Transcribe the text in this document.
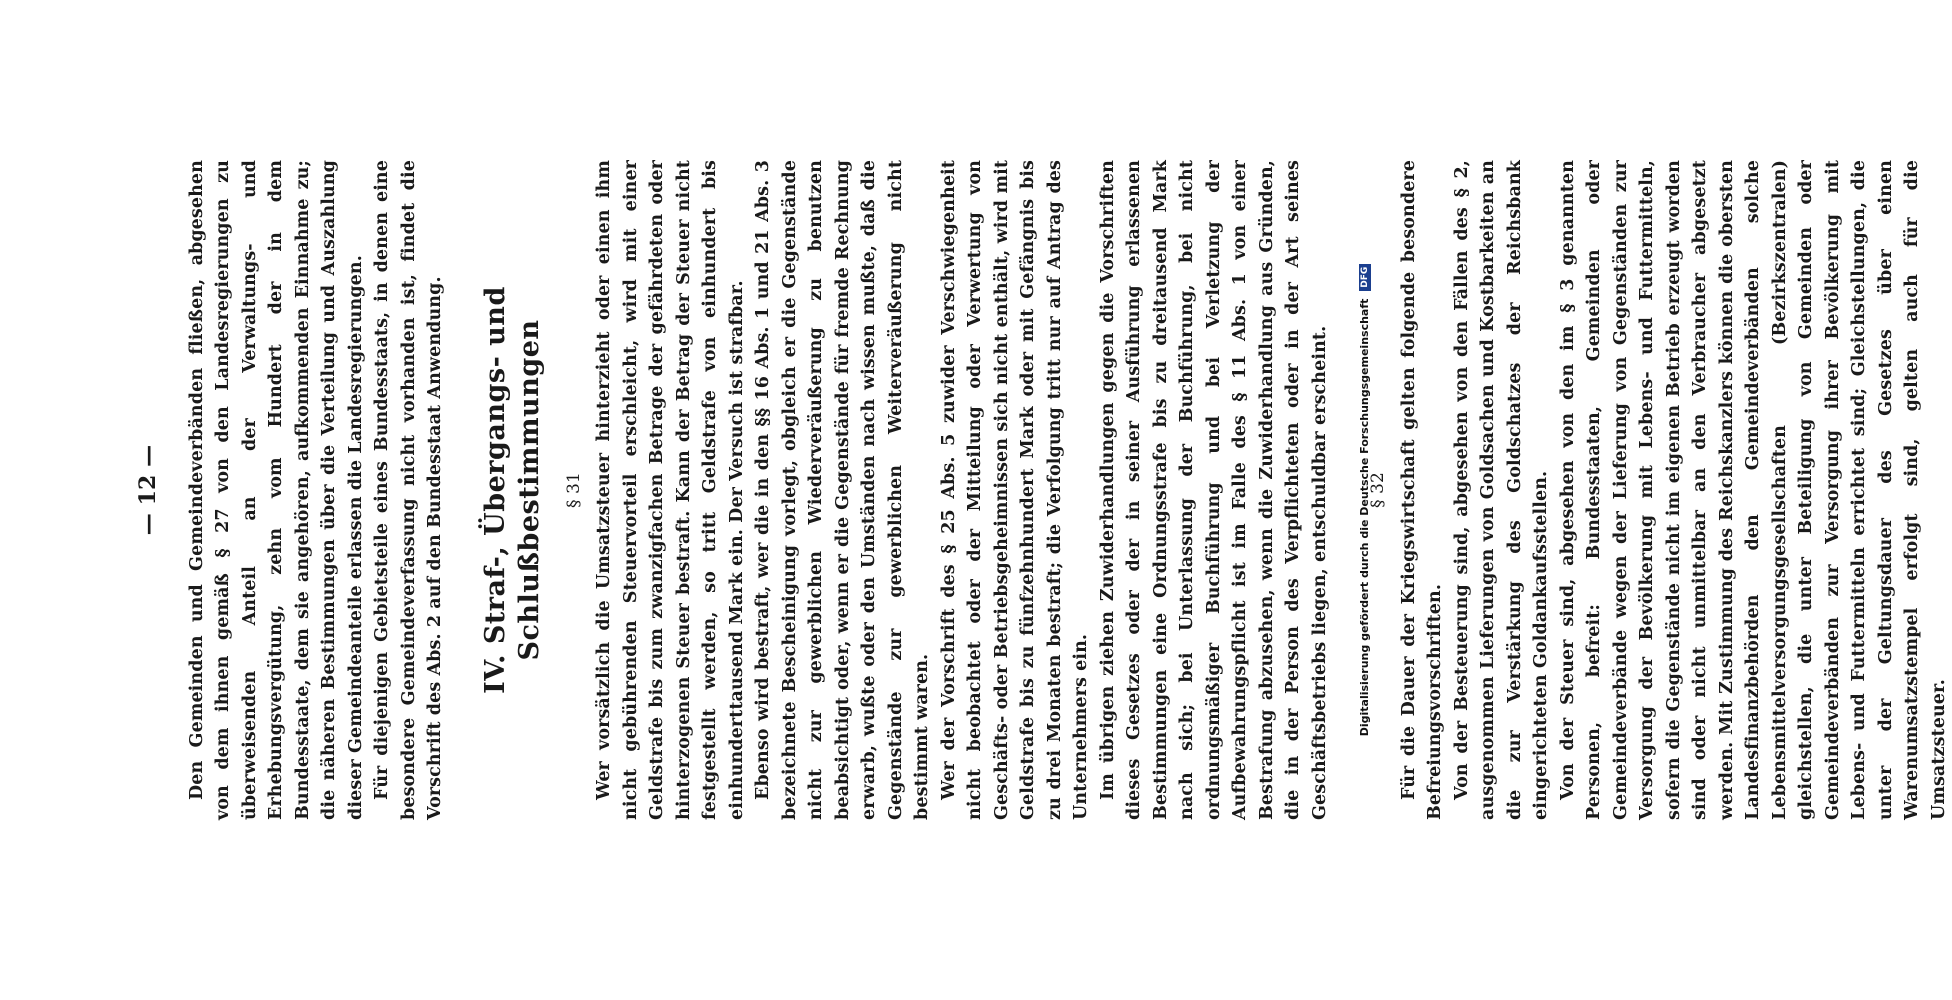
— 12 — Den Gemeinden und Gemeindeverbänden fließen, abgesehen von dem ihnen gemäß § 27 von den Landesregierungen zu überweisenden Anteil an der Verwaltungs- und Erhebungsvergütung, zehn vom Hundert der in dem Bundesstaate, dem sie angehören, aufkommenden Einnahme zu; die näheren Bestimmungen über die Verteilung und Auszahlung dieser Gemeindeanteile erlassen die Landesregierungen. Für diejenigen Gebietsteile eines Bundesstaats, in denen eine besondere Gemeindeverfassung nicht vorhanden ist, findet die Vorschrift des Abs. 2 auf den Bundesstaat Anwendung. IV. Straf-, Übergangs- und Schlußbestimmungen § 31 Wer vorsätzlich die Umsatzsteuer hinterzieht oder einen ihm nicht gebührenden Steuervorteil erschleicht, wird mit einer Geldstrafe bis zum zwanzigfachen Betrage der gefährdeten oder hinterzogenen Steuer bestraft. Kann der Betrag der Steuer nicht festgestellt werden, so tritt Geldstrafe von einhundert bis einhunderttausend Mark ein. Der Versuch ist strafbar. Ebenso wird bestraft, wer die in den §§ 16 Abs. 1 und 21 Abs. 3 bezeichnete Bescheinigung vorlegt, obgleich er die Gegenstände nicht zur gewerblichen Wiederveräußerung zu benutzen beabsichtigt oder, wenn er die Gegenstände für fremde Rechnung erwarb, wußte oder den Umständen nach wissen mußte, daß die Gegenstände zur gewerblichen Weiterveräußerung nicht bestimmt waren. Wer der Vorschrift des § 25 Abs. 5 zuwider Verschwiegenheit nicht beobachtet oder der Mitteilung oder Verwertung von Geschäfts- oder Betriebsgeheimnissen sich nicht enthält, wird mit Geldstrafe bis zu fünfzehnhundert Mark oder mit Gefängnis bis zu drei Monaten bestraft; die Verfolgung tritt nur auf Antrag des Unternehmers ein. Im übrigen ziehen Zuwiderhandlungen gegen die Vorschriften dieses Gesetzes oder der in seiner Ausführung erlassenen Bestimmungen eine Ordnungsstrafe bis zu dreitausend Mark nach sich; bei Unterlassung der Buchführung, bei nicht ordnungsmäßiger Buchführung und bei Verletzung der Aufbewahrungspflicht ist im Falle des § 11 Abs. 1 von einer Bestrafung abzusehen, wenn die Zuwiderhandlung aus Gründen, die in der Person des Verpflichteten oder in der Art seines Geschäftsbetriebs liegen, entschuldbar erscheint. § 32 Für die Dauer der Kriegswirtschaft gelten folgende besondere Befreiungsvorschriften. Von der Besteuerung sind, abgesehen von den Fällen des § 2, ausgenommen Lieferungen von Goldsachen und Kostbarkeiten an die zur Verstärkung des Goldschatzes der Reichsbank eingerichteten Goldankaufsstellen. Von der Steuer sind, abgesehen von den im § 3 genannten Personen, befreit: Bundesstaaten, Gemeinden oder Gemeindeverbände wegen der Lieferung von Gegenständen zur Versorgung der Bevölkerung mit Lebens- und Futtermitteln, sofern die Gegenstände nicht im eigenen Betrieb erzeugt worden sind oder nicht unmittelbar an den Verbraucher abgesetzt werden. Mit Zustimmung des Reichskanzlers können die obersten Landesfinanzbehörden den Gemeindeverbänden solche Lebensmittelversorgungsgesellschaften (Bezirkszentralen) gleichstellen, die unter Beteiligung von Gemeinden oder Gemeindeverbänden zur Versorgung ihrer Bevölkerung mit Lebens- und Futtermitteln errichtet sind; Gleichstellungen, die unter der Geltungsdauer des Gesetzes über einen Warenumsatzstempel erfolgt sind, gelten auch für die Umsatzsteuer.

Digitalisierung gefördert durch die Deutsche Forschungsgemeinschaft DFG
